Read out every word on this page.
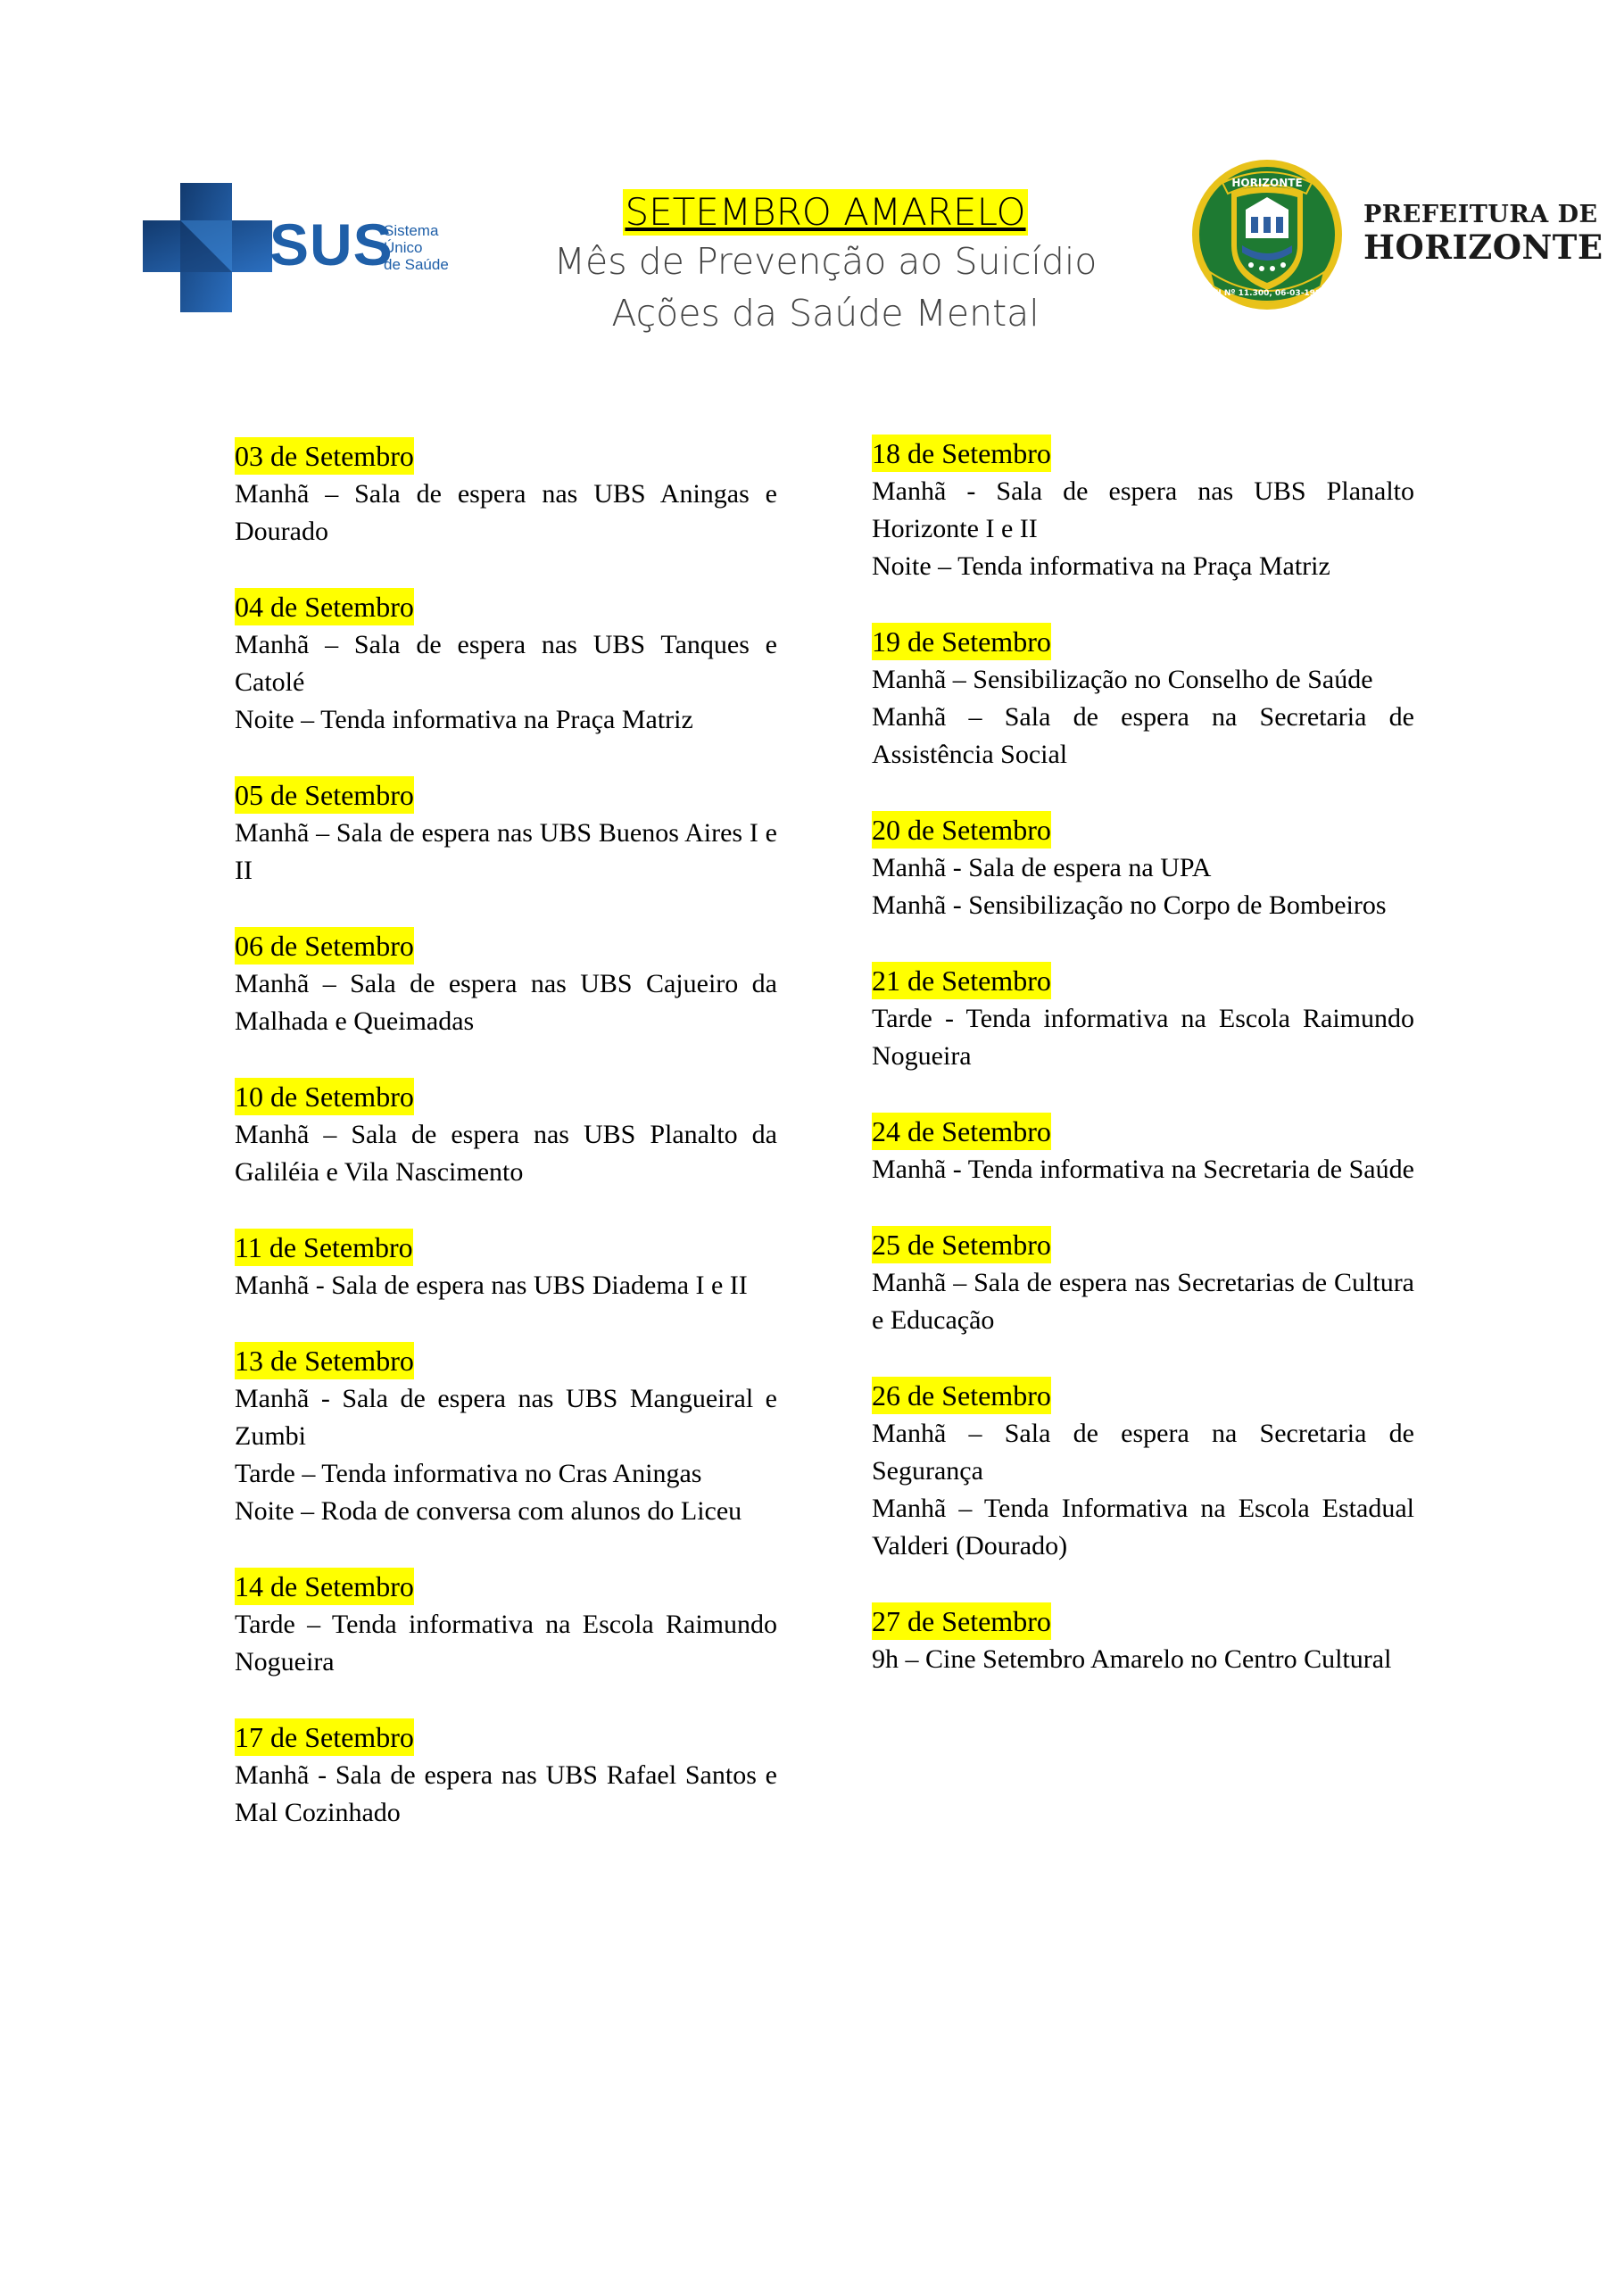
SUS
Sistema
Único
de Saúde
SETEMBRO AMARELO
Mês de Prevenção ao Suicídio
Ações da Saúde Mental
HORIZONTE
LEI Nº 11.300, 06-03-1987
PREFEITURA DE
HORIZONTE
03 de Setembro
Manhã – Sala de espera nas UBS Aningas e Dourado
04 de Setembro
Manhã – Sala de espera nas UBS Tanques e Catolé
Noite – Tenda informativa na Praça Matriz
05 de Setembro
Manhã – Sala de espera nas UBS Buenos Aires I e II
06 de Setembro
Manhã – Sala de espera nas UBS Cajueiro da Malhada e Queimadas
10 de Setembro
Manhã – Sala de espera nas UBS Planalto da Galiléia e Vila Nascimento
11 de Setembro
Manhã - Sala de espera nas UBS Diadema I e II
13 de Setembro
Manhã - Sala de espera nas UBS Mangueiral e Zumbi
Tarde – Tenda informativa no Cras Aningas
Noite – Roda de conversa com alunos do Liceu
14 de Setembro
Tarde – Tenda informativa na Escola Raimundo Nogueira
17 de Setembro
Manhã - Sala de espera nas UBS Rafael Santos e Mal Cozinhado
18 de Setembro
Manhã - Sala de espera nas UBS Planalto Horizonte I e II
Noite – Tenda informativa na Praça Matriz
19 de Setembro
Manhã – Sensibilização no Conselho de Saúde
Manhã – Sala de espera na Secretaria de Assistência Social
20 de Setembro
Manhã - Sala de espera na UPA
Manhã - Sensibilização no Corpo de Bombeiros
21 de Setembro
Tarde - Tenda informativa na Escola Raimundo Nogueira
24 de Setembro
Manhã - Tenda informativa na Secretaria de Saúde
25 de Setembro
Manhã – Sala de espera nas Secretarias de Cultura e Educação
26 de Setembro
Manhã – Sala de espera na Secretaria de Segurança
Manhã – Tenda Informativa na Escola Estadual Valderi (Dourado)
27 de Setembro
9h – Cine Setembro Amarelo no Centro Cultural
